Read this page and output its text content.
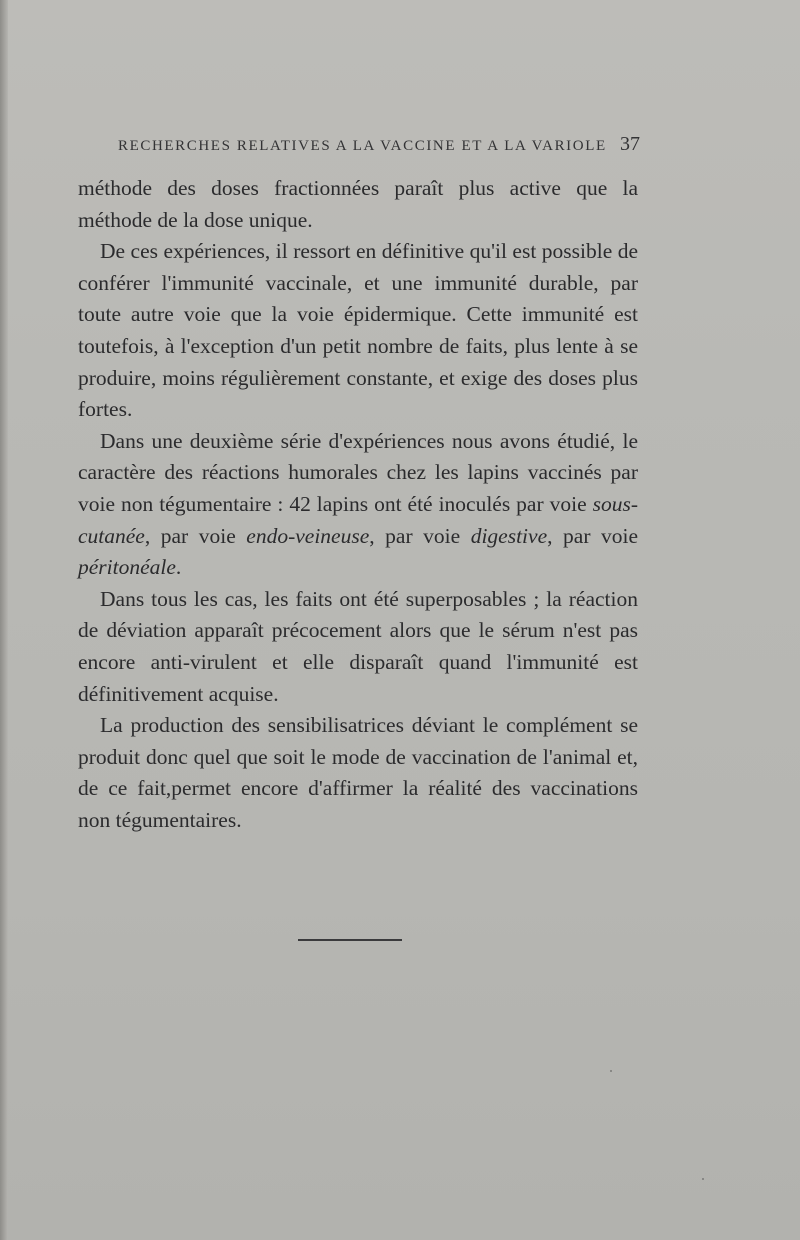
RECHERCHES RELATIVES A LA VACCINE ET A LA VARIOLE 37

méthode des doses fractionnées paraît plus active que la méthode de la dose unique.

De ces expériences, il ressort en définitive qu'il est possible de conférer l'immunité vaccinale, et une immunité durable, par toute autre voie que la voie épidermique. Cette immunité est toutefois, à l'exception d'un petit nombre de faits, plus lente à se produire, moins régulièrement constante, et exige des doses plus fortes.

Dans une deuxième série d'expériences nous avons étudié, le caractère des réactions humorales chez les lapins vaccinés par voie non tégumentaire : 42 lapins ont été inoculés par voie sous-cutanée, par voie endo-veineuse, par voie digestive, par voie péritonéale.

Dans tous les cas, les faits ont été superposables ; la réaction de déviation apparaît précocement alors que le sérum n'est pas encore anti-virulent et elle disparaît quand l'immunité est définitivement acquise.

La production des sensibilisatrices déviant le complément se produit donc quel que soit le mode de vaccination de l'animal et, de ce fait,permet encore d'affirmer la réalité des vaccinations non tégumentaires.
